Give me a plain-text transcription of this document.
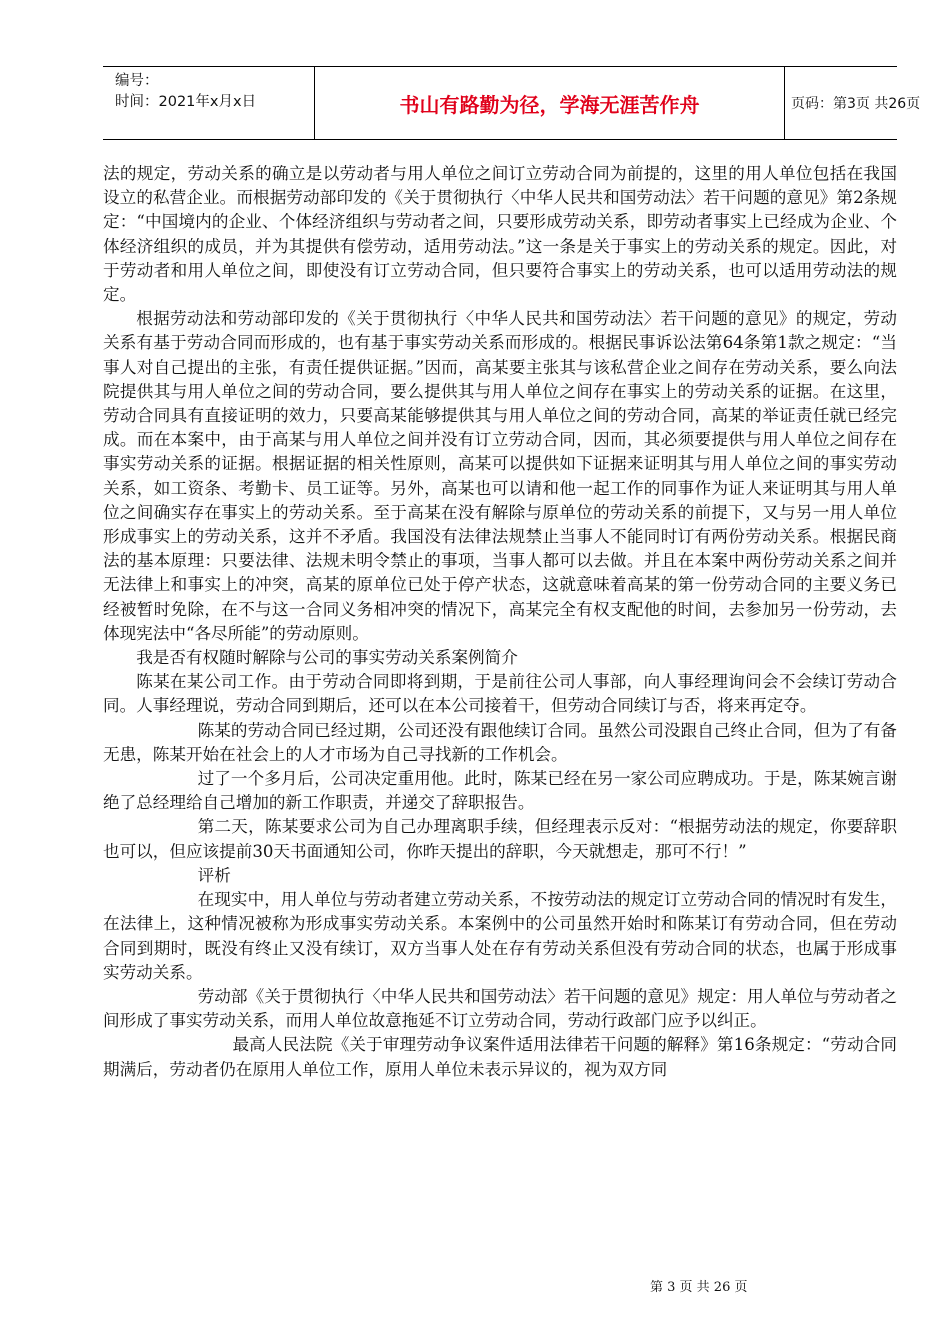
编号：
时间：2021年x月x日	书山有路勤为径，学海无涯苦作舟	页码：第3页 共26页

法的规定，劳动关系的确立是以劳动者与用人单位之间订立劳动合同为前提的，这里的用人单位包括在我国设立的私营企业。而根据劳动部印发的《关于贯彻执行〈中华人民共和国劳动法〉若干问题的意见》第2条规定：“中国境内的企业、个体经济组织与劳动者之间，只要形成劳动关系，即劳动者事实上已经成为企业、个体经济组织的成员，并为其提供有偿劳动，适用劳动法。”这一条是关于事实上的劳动关系的规定。因此，对于劳动者和用人单位之间，即使没有订立劳动合同，但只要符合事实上的劳动关系，也可以适用劳动法的规定。

根据劳动法和劳动部印发的《关于贯彻执行〈中华人民共和国劳动法〉若干问题的意见》的规定，劳动关系有基于劳动合同而形成的，也有基于事实劳动关系而形成的。根据民事诉讼法第64条第1款之规定：“当事人对自己提出的主张，有责任提供证据。”因而，高某要主张其与该私营企业之间存在劳动关系，要么向法院提供其与用人单位之间的劳动合同，要么提供其与用人单位之间存在事实上的劳动关系的证据。在这里，劳动合同具有直接证明的效力，只要高某能够提供其与用人单位之间的劳动合同，高某的举证责任就已经完成。而在本案中，由于高某与用人单位之间并没有订立劳动合同，因而，其必须要提供与用人单位之间存在事实劳动关系的证据。根据证据的相关性原则，高某可以提供如下证据来证明其与用人单位之间的事实劳动关系，如工资条、考勤卡、员工证等。另外，高某也可以请和他一起工作的同事作为证人来证明其与用人单位之间确实存在事实上的劳动关系。至于高某在没有解除与原单位的劳动关系的前提下，又与另一用人单位形成事实上的劳动关系，这并不矛盾。我国没有法律法规禁止当事人不能同时订有两份劳动关系。根据民商法的基本原理：只要法律、法规未明令禁止的事项，当事人都可以去做。并且在本案中两份劳动关系之间并无法律上和事实上的冲突，高某的原单位已处于停产状态，这就意味着高某的第一份劳动合同的主要义务已经被暂时免除，在不与这一合同义务相冲突的情况下，高某完全有权支配他的时间，去参加另一份劳动，去体现宪法中“各尽所能”的劳动原则。

我是否有权随时解除与公司的事实劳动关系案例简介

陈某在某公司工作。由于劳动合同即将到期，于是前往公司人事部，向人事经理询问会不会续订劳动合同。人事经理说，劳动合同到期后，还可以在本公司接着干，但劳动合同续订与否，将来再定夺。

陈某的劳动合同已经过期，公司还没有跟他续订合同。虽然公司没跟自己终止合同，但为了有备无患，陈某开始在社会上的人才市场为自己寻找新的工作机会。

过了一个多月后，公司决定重用他。此时，陈某已经在另一家公司应聘成功。于是，陈某婉言谢绝了总经理给自己增加的新工作职责，并递交了辞职报告。

第二天，陈某要求公司为自己办理离职手续，但经理表示反对：“根据劳动法的规定，你要辞职也可以，但应该提前30天书面通知公司，你昨天提出的辞职，今天就想走，那可不行！”

评析

在现实中，用人单位与劳动者建立劳动关系，不按劳动法的规定订立劳动合同的情况时有发生，在法律上，这种情况被称为形成事实劳动关系。本案例中的公司虽然开始时和陈某订有劳动合同，但在劳动合同到期时，既没有终止又没有续订，双方当事人处在存有劳动关系但没有劳动合同的状态，也属于形成事实劳动关系。

劳动部《关于贯彻执行〈中华人民共和国劳动法〉若干问题的意见》规定：用人单位与劳动者之间形成了事实劳动关系，而用人单位故意拖延不订立劳动合同，劳动行政部门应予以纠正。

最高人民法院《关于审理劳动争议案件适用法律若干问题的解释》第16条规定：“劳动合同期满后，劳动者仍在原用人单位工作，原用人单位未表示异议的，视为双方同

第 3 页 共 26 页
